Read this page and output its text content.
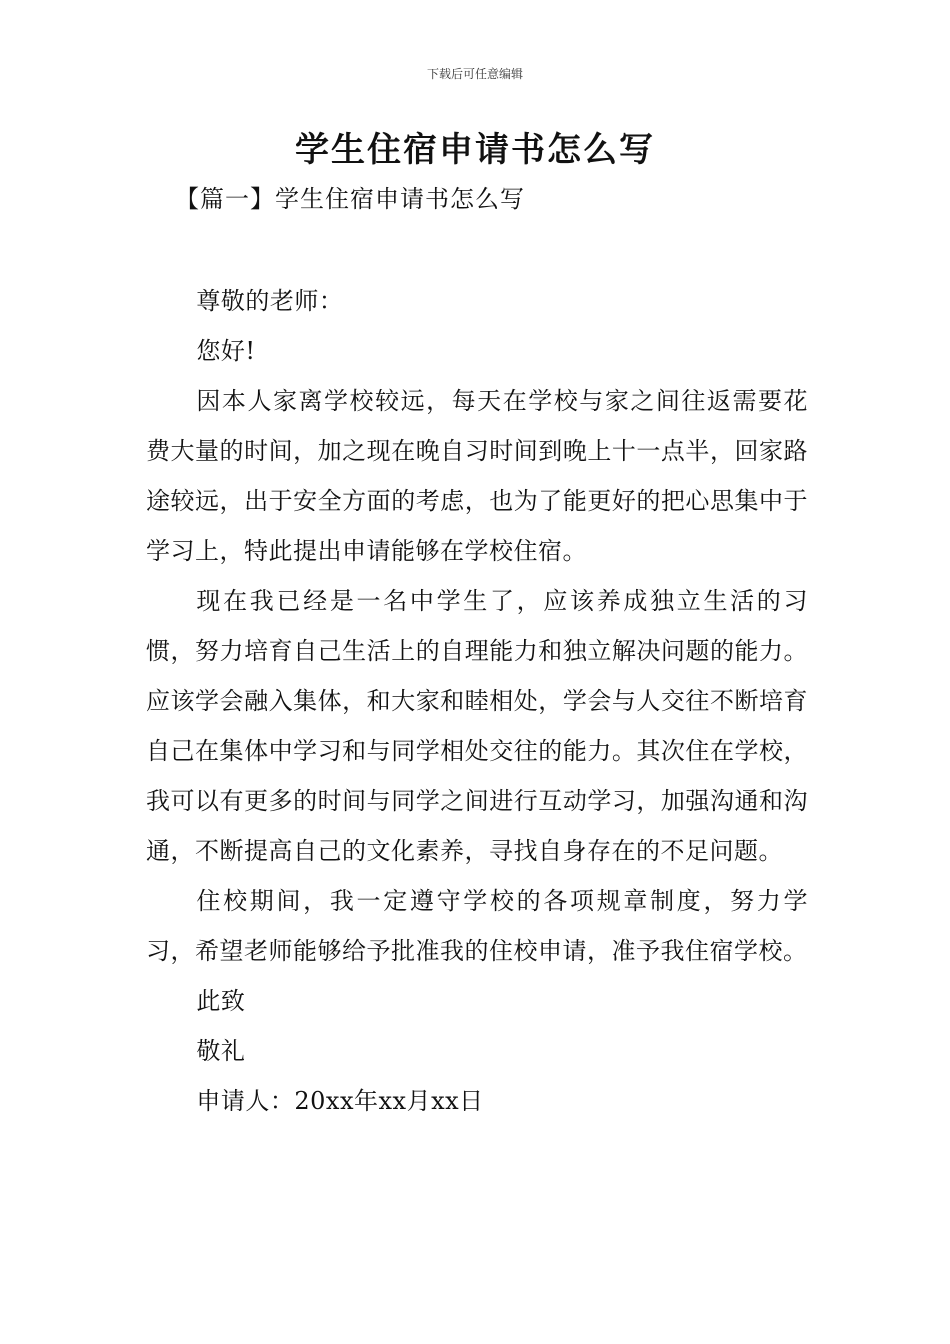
下载后可任意编辑
学生住宿申请书怎么写
【篇一】学生住宿申请书怎么写

尊敬的老师：

您好!

因本人家离学校较远，每天在学校与家之间往返需要花费大量的时间，加之现在晚自习时间到晚上十一点半，回家路途较远，出于安全方面的考虑，也为了能更好的把心思集中于学习上，特此提出申请能够在学校住宿。

现在我已经是一名中学生了，应该养成独立生活的习惯，努力培育自己生活上的自理能力和独立解决问题的能力。应该学会融入集体，和大家和睦相处，学会与人交往不断培育自己在集体中学习和与同学相处交往的能力。其次住在学校，我可以有更多的时间与同学之间进行互动学习，加强沟通和沟通，不断提高自己的文化素养，寻找自身存在的不足问题。

住校期间，我一定遵守学校的各项规章制度，努力学习，希望老师能够给予批准我的住校申请，准予我住宿学校。

此致

敬礼

申请人：20xx年xx月xx日
